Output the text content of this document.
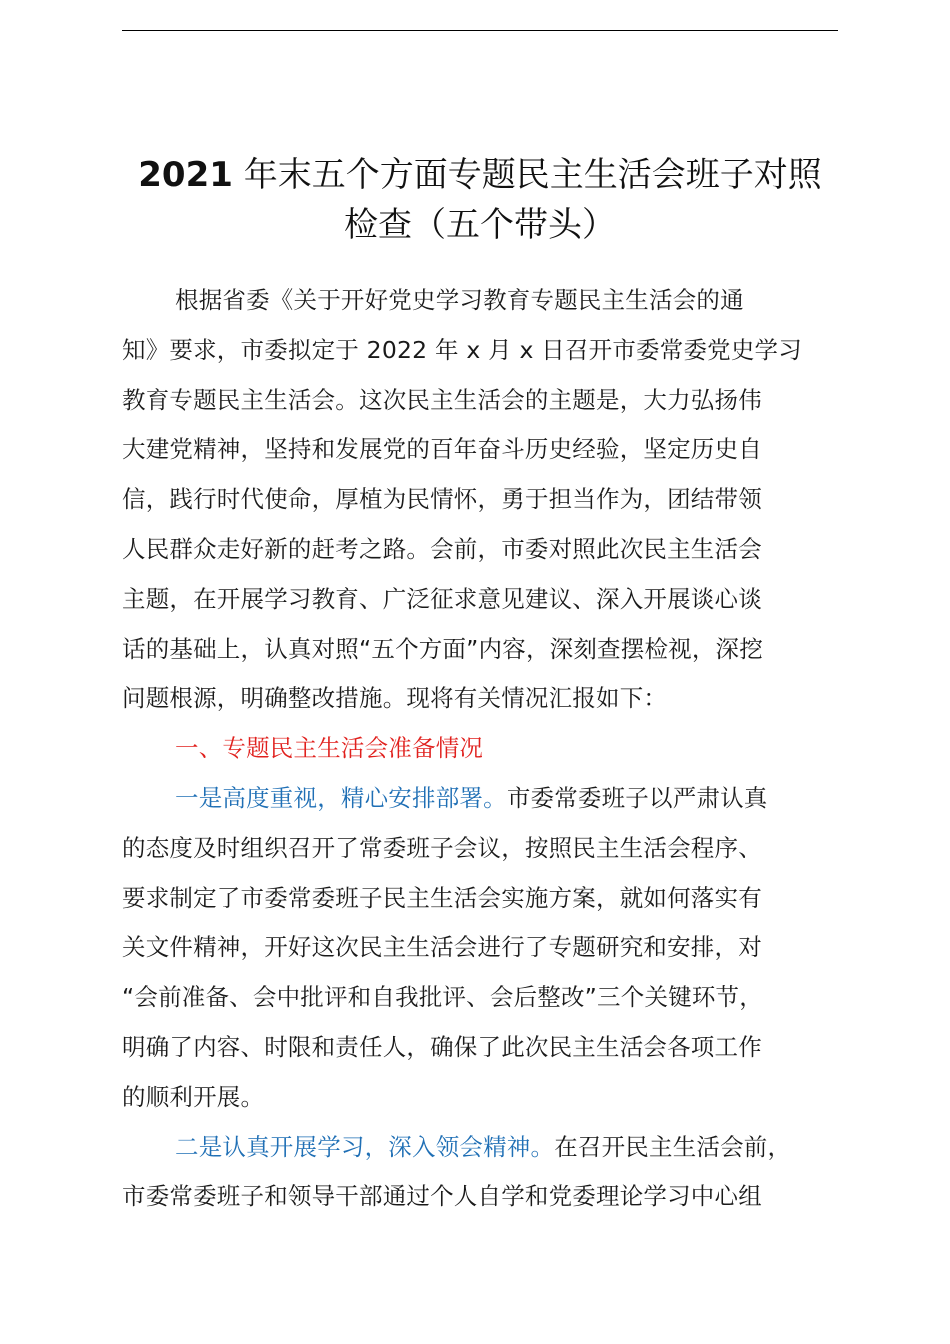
2021 年末五个方面专题民主生活会班子对照
检查（五个带头）

根据省委《关于开好党史学习教育专题民主生活会的通
知》要求，市委拟定于 2022 年 x 月 x 日召开市委常委党史学习
教育专题民主生活会。这次民主生活会的主题是，大力弘扬伟
大建党精神，坚持和发展党的百年奋斗历史经验，坚定历史自
信，践行时代使命，厚植为民情怀，勇于担当作为，团结带领
人民群众走好新的赶考之路。会前，市委对照此次民主生活会
主题，在开展学习教育、广泛征求意见建议、深入开展谈心谈
话的基础上，认真对照“五个方面”内容，深刻查摆检视，深挖
问题根源，明确整改措施。现将有关情况汇报如下：

一、专题民主生活会准备情况

一是高度重视，精心安排部署。市委常委班子以严肃认真
的态度及时组织召开了常委班子会议，按照民主生活会程序、
要求制定了市委常委班子民主生活会实施方案，就如何落实有
关文件精神，开好这次民主生活会进行了专题研究和安排，对
“会前准备、会中批评和自我批评、会后整改”三个关键环节，
明确了内容、时限和责任人，确保了此次民主生活会各项工作
的顺利开展。

二是认真开展学习，深入领会精神。在召开民主生活会前，
市委常委班子和领导干部通过个人自学和党委理论学习中心组
